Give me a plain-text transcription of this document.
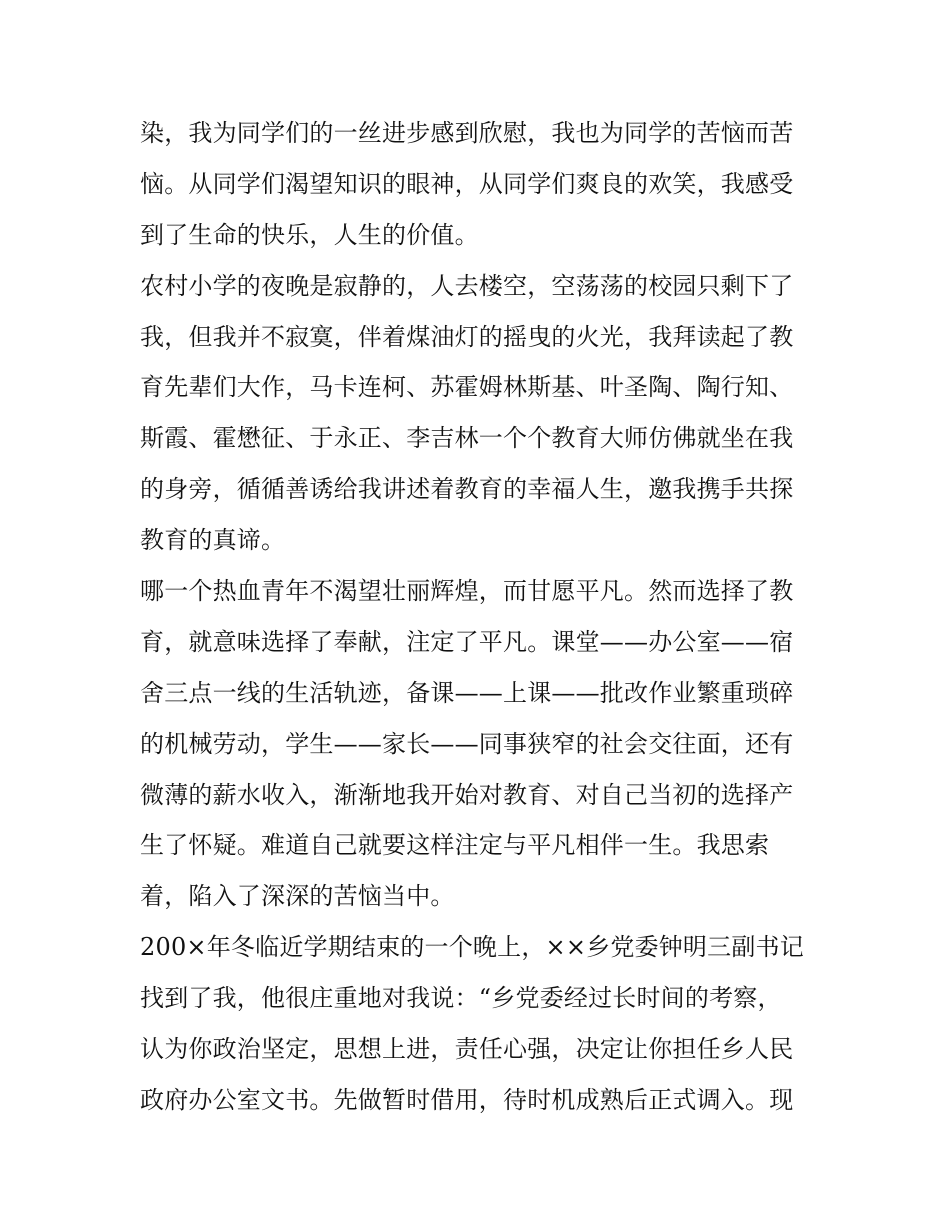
染，我为同学们的一丝进步感到欣慰，我也为同学的苦恼而苦
恼。从同学们渴望知识的眼神，从同学们爽良的欢笑，我感受
到了生命的快乐，人生的价值。
农村小学的夜晚是寂静的，人去楼空，空荡荡的校园只剩下了
我，但我并不寂寞，伴着煤油灯的摇曳的火光，我拜读起了教
育先辈们大作，马卡连柯、苏霍姆林斯基、叶圣陶、陶行知、
斯霞、霍懋征、于永正、李吉林一个个教育大师仿佛就坐在我
的身旁，循循善诱给我讲述着教育的幸福人生，邀我携手共探
教育的真谛。
哪一个热血青年不渴望壮丽辉煌，而甘愿平凡。然而选择了教
育，就意味选择了奉献，注定了平凡。课堂——办公室——宿
舍三点一线的生活轨迹，备课——上课——批改作业繁重琐碎
的机械劳动，学生——家长——同事狭窄的社会交往面，还有
微薄的薪水收入，渐渐地我开始对教育、对自己当初的选择产
生了怀疑。难道自己就要这样注定与平凡相伴一生。我思索
着，陷入了深深的苦恼当中。
200×年冬临近学期结束的一个晚上，××乡党委钟明三副书记
找到了我，他很庄重地对我说：“乡党委经过长时间的考察，
认为你政治坚定，思想上进，责任心强，决定让你担任乡人民
政府办公室文书。先做暂时借用，待时机成熟后正式调入。现
